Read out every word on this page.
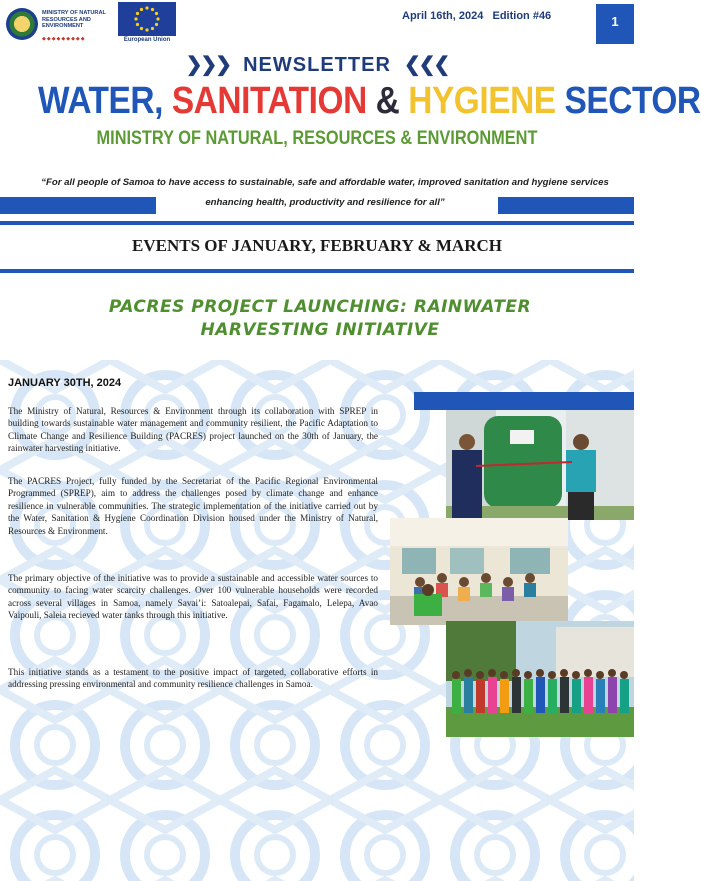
MINISTRY OF NATURAL RESOURCES AND ENVIRONMENT
◆◆◆◆◆◆◆◆◆	European Union
April 16th, 2024 Edition #46	1
❯❯❯ NEWSLETTER ❮❮❮
WATER, SANITATION & HYGIENE SECTOR
MINISTRY OF NATURAL, RESOURCES & ENVIRONMENT
“For all people of Samoa to have access to sustainable, safe and affordable water, improved sanitation and hygiene services enhancing health, productivity and resilience for all”
EVENTS OF JANUARY, FEBRUARY & MARCH
PACRES PROJECT LAUNCHING: RAINWATER HARVESTING INITIATIVE
JANUARY 30TH, 2024
The Ministry of Natural, Resources & Environment through its collaboration with SPREP in building towards sustainable water management and community resilient, the Pacific Adaptation to Climate Change and Resilience Building (PACRES) project launched on the 30th of January, the rainwater harvesting initiative.
The PACRES Project, fully funded by the Secretariat of the Pacific Regional Environmental Programmed (SPREP), aim to address the challenges posed by climate change and enhance resilience in vulnerable communities. The strategic implementation of the initiative carried out by the Water, Sanitation & Hygiene Coordination Division housed under the Ministry of Natural, Resources & Environment.
The primary objective of the initiative was to provide a sustainable and accessible water sources to community to facing water scarcity challenges. Over 100 vulnerable households were recorded across several villages in Samoa, namely Savai’i: Satoalepai, Safai, Fagamalo, Lelepa, Avao Vaipouli, Saleia recieved water tanks through this initiative.
This initiative stands as a testament to the positive impact of targeted, collaborative efforts in addressing pressing environmental and community resilience challenges in Samoa.
